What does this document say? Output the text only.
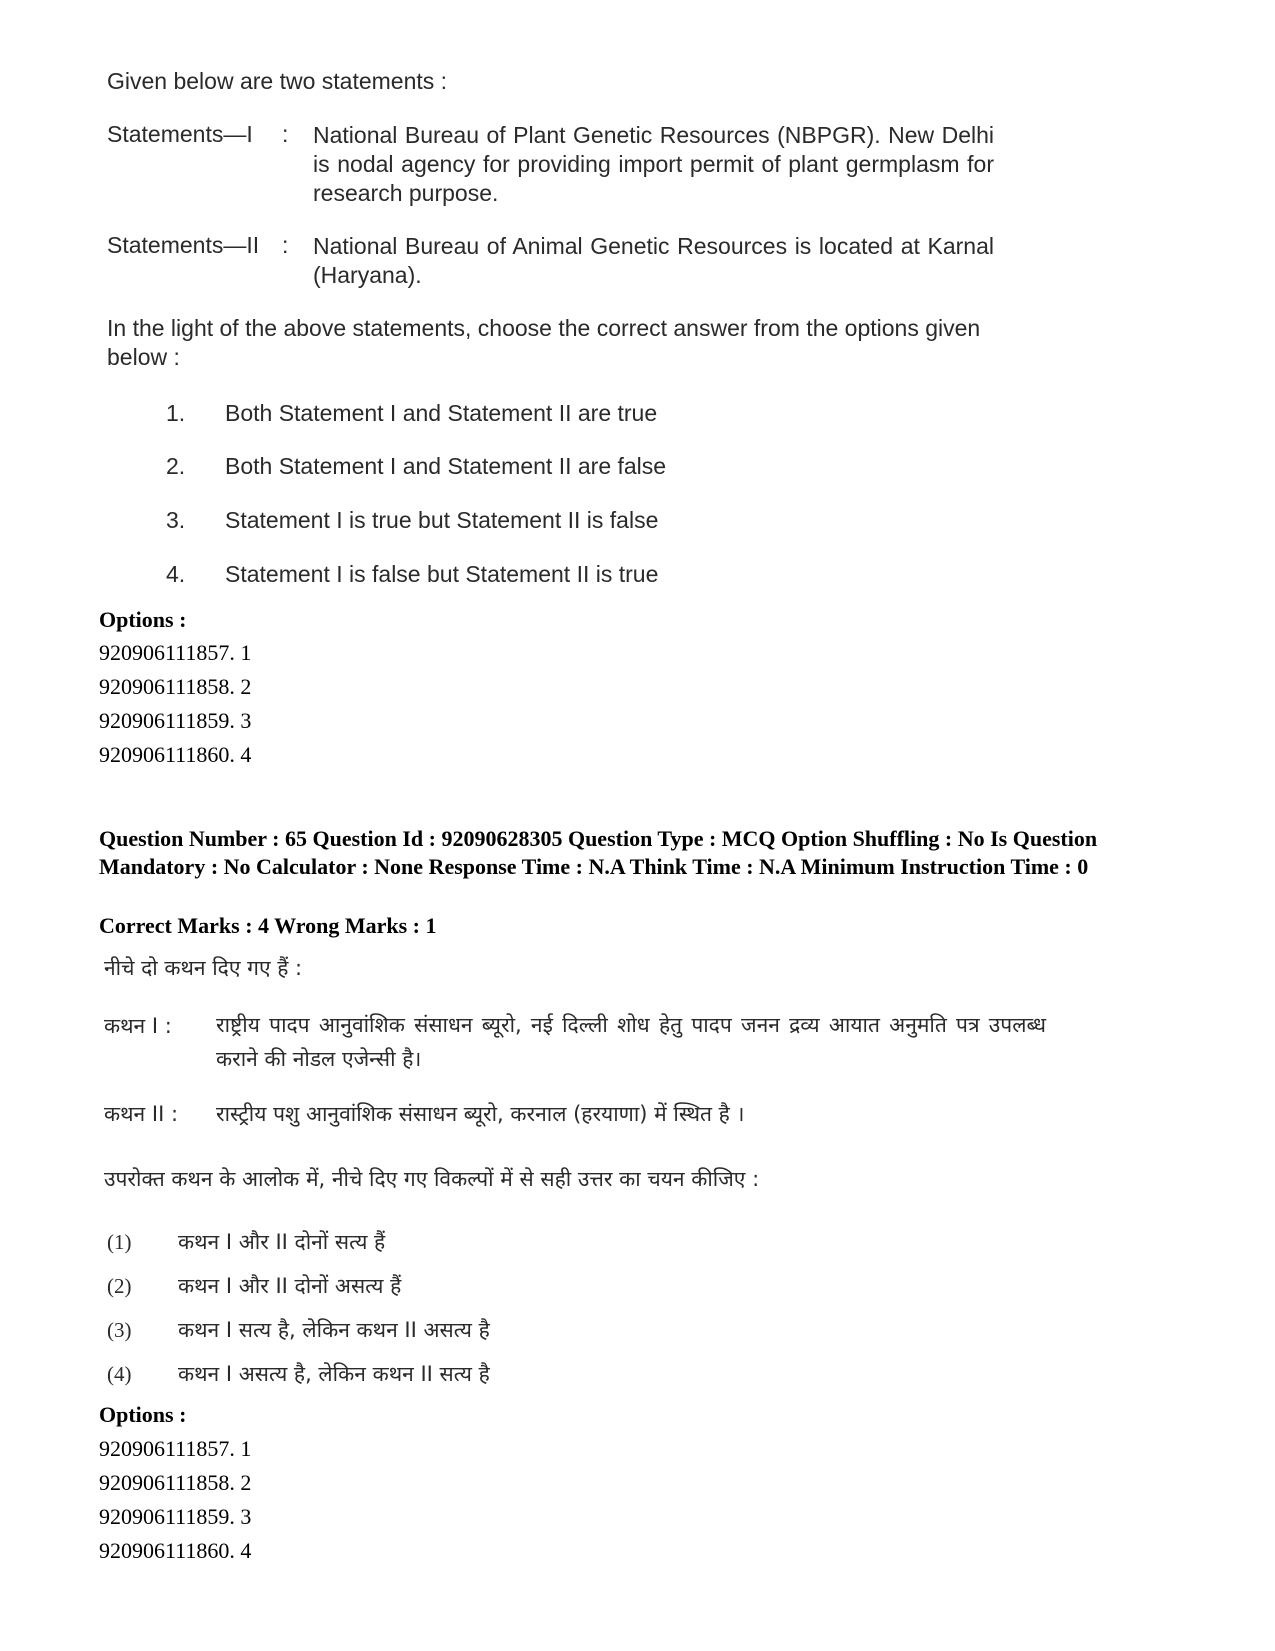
Given below are two statements :
Statements—I : National Bureau of Plant Genetic Resources (NBPGR). New Delhi is nodal agency for providing import permit of plant germplasm for research purpose.
Statements—II : National Bureau of Animal Genetic Resources is located at Karnal (Haryana).
In the light of the above statements, choose the correct answer from the options given below :
1. Both Statement I and Statement II are true
2. Both Statement I and Statement II are false
3. Statement I is true but Statement II is false
4. Statement I is false but Statement II is true
Options :
920906111857. 1
920906111858. 2
920906111859. 3
920906111860. 4
Question Number : 65 Question Id : 92090628305 Question Type : MCQ Option Shuffling : No Is Question Mandatory : No Calculator : None Response Time : N.A Think Time : N.A Minimum Instruction Time : 0
Correct Marks : 4 Wrong Marks : 1
नीचे दो कथन दिए गए हैं :
कथन I : राष्ट्रीय पादप आनुवांशिक संसाधन ब्यूरो, नई दिल्ली शोध हेतु पादप जनन द्रव्य आयात अनुमति पत्र उपलब्ध कराने की नोडल एजेन्सी है।
कथन II : रास्ट्रीय पशु आनुवांशिक संसाधन ब्यूरो, करनाल (हरयाणा) में स्थित है ।
उपरोक्त कथन के आलोक में, नीचे दिए गए विकल्पों में से सही उत्तर का चयन कीजिए :
(1) कथन I और II दोनों सत्य हैं
(2) कथन I और II दोनों असत्य हैं
(3) कथन I सत्य है, लेकिन कथन II असत्य है
(4) कथन I असत्य है, लेकिन कथन II सत्य है
Options :
920906111857. 1
920906111858. 2
920906111859. 3
920906111860. 4
